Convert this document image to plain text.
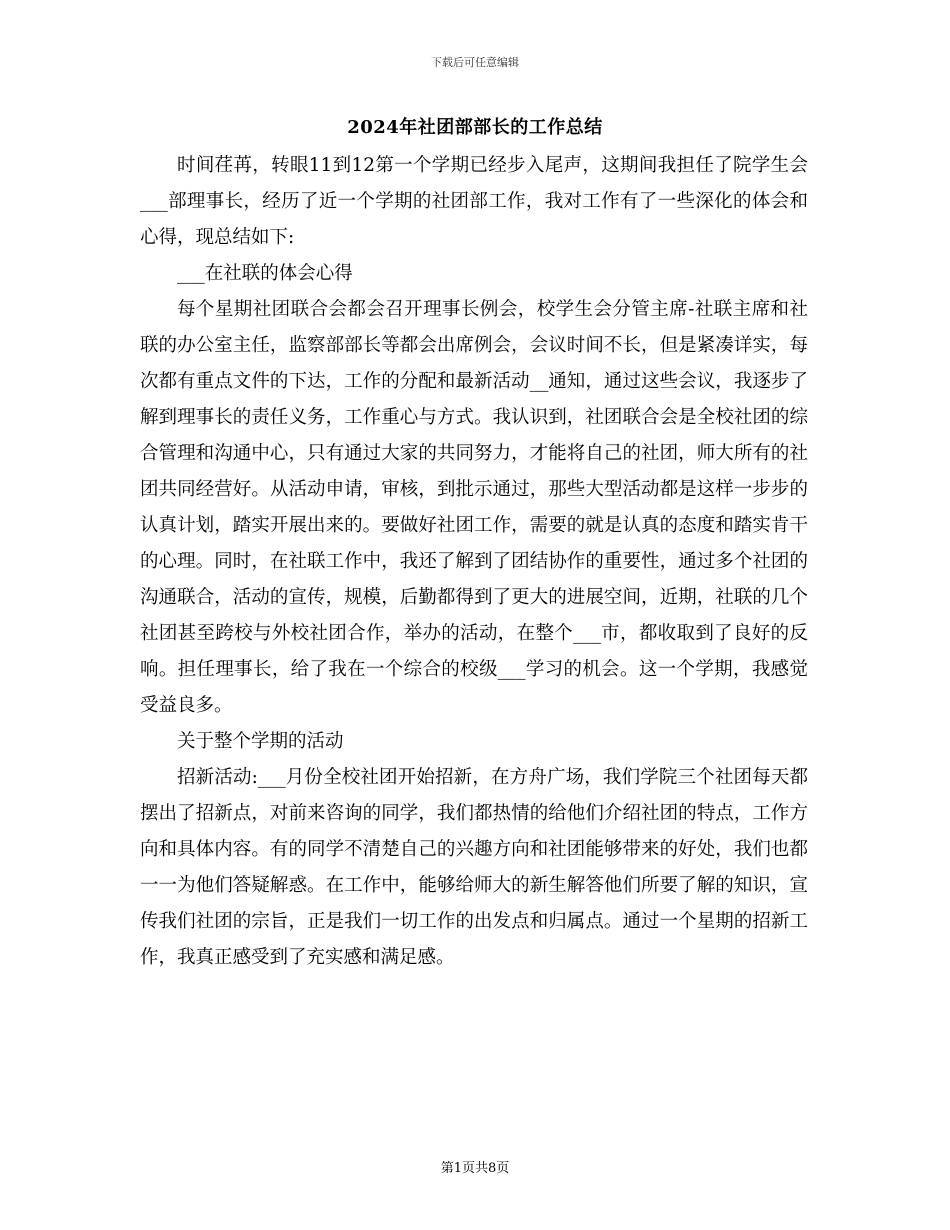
下载后可任意编辑
2024年社团部部长的工作总结

时间荏苒，转眼11到12第一个学期已经步入尾声，这期间我担任了院学生会___部理事长，经历了近一个学期的社团部工作，我对工作有了一些深化的体会和心得，现总结如下:

___在社联的体会心得

每个星期社团联合会都会召开理事长例会，校学生会分管主席-社联主席和社联的办公室主任，监察部部长等都会出席例会，会议时间不长，但是紧凑详实，每次都有重点文件的下达，工作的分配和最新活动__通知，通过这些会议，我逐步了解到理事长的责任义务，工作重心与方式。我认识到，社团联合会是全校社团的综合管理和沟通中心，只有通过大家的共同努力，才能将自己的社团，师大所有的社团共同经营好。从活动申请，审核，到批示通过，那些大型活动都是这样一步步的认真计划，踏实开展出来的。要做好社团工作，需要的就是认真的态度和踏实肯干的心理。同时，在社联工作中，我还了解到了团结协作的重要性，通过多个社团的沟通联合，活动的宣传，规模，后勤都得到了更大的进展空间，近期，社联的几个社团甚至跨校与外校社团合作，举办的活动，在整个___市，都收取到了良好的反响。担任理事长，给了我在一个综合的校级___学习的机会。这一个学期，我感觉受益良多。

关于整个学期的活动

招新活动:___月份全校社团开始招新，在方舟广场，我们学院三个社团每天都摆出了招新点，对前来咨询的同学，我们都热情的给他们介绍社团的特点，工作方向和具体内容。有的同学不清楚自己的兴趣方向和社团能够带来的好处，我们也都一一为他们答疑解惑。在工作中，能够给师大的新生解答他们所要了解的知识，宣传我们社团的宗旨，正是我们一切工作的出发点和归属点。通过一个星期的招新工作，我真正感受到了充实感和满足感。

第1页共8页
